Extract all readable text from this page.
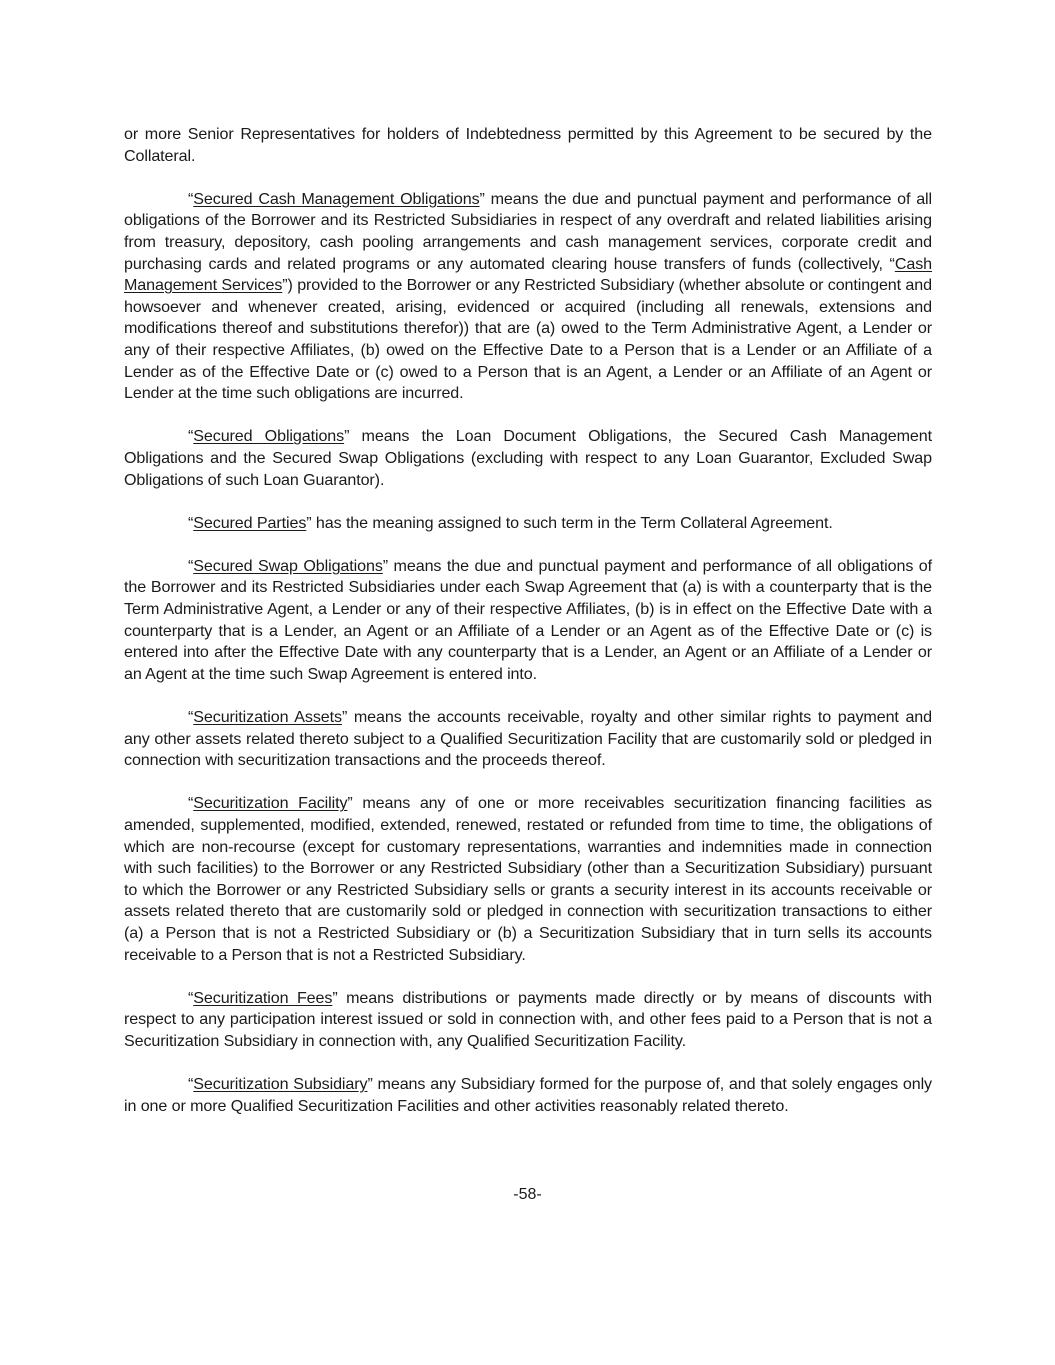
or more Senior Representatives for holders of Indebtedness permitted by this Agreement to be secured by the Collateral.

“Secured Cash Management Obligations” means the due and punctual payment and performance of all obligations of the Borrower and its Restricted Subsidiaries in respect of any overdraft and related liabilities arising from treasury, depository, cash pooling arrangements and cash management services, corporate credit and purchasing cards and related programs or any automated clearing house transfers of funds (collectively, “Cash Management Services”) provided to the Borrower or any Restricted Subsidiary (whether absolute or contingent and howsoever and whenever created, arising, evidenced or acquired (including all renewals, extensions and modifications thereof and substitutions therefor)) that are (a) owed to the Term Administrative Agent, a Lender or any of their respective Affiliates, (b) owed on the Effective Date to a Person that is a Lender or an Affiliate of a Lender as of the Effective Date or (c) owed to a Person that is an Agent, a Lender or an Affiliate of an Agent or Lender at the time such obligations are incurred.

“Secured Obligations” means the Loan Document Obligations, the Secured Cash Management Obligations and the Secured Swap Obligations (excluding with respect to any Loan Guarantor, Excluded Swap Obligations of such Loan Guarantor).

“Secured Parties” has the meaning assigned to such term in the Term Collateral Agreement.

“Secured Swap Obligations” means the due and punctual payment and performance of all obligations of the Borrower and its Restricted Subsidiaries under each Swap Agreement that (a) is with a counterparty that is the Term Administrative Agent, a Lender or any of their respective Affiliates, (b) is in effect on the Effective Date with a counterparty that is a Lender, an Agent or an Affiliate of a Lender or an Agent as of the Effective Date or (c) is entered into after the Effective Date with any counterparty that is a Lender, an Agent or an Affiliate of a Lender or an Agent at the time such Swap Agreement is entered into.

“Securitization Assets” means the accounts receivable, royalty and other similar rights to payment and any other assets related thereto subject to a Qualified Securitization Facility that are customarily sold or pledged in connection with securitization transactions and the proceeds thereof.

“Securitization Facility” means any of one or more receivables securitization financing facilities as amended, supplemented, modified, extended, renewed, restated or refunded from time to time, the obligations of which are non-recourse (except for customary representations, warranties and indemnities made in connection with such facilities) to the Borrower or any Restricted Subsidiary (other than a Securitization Subsidiary) pursuant to which the Borrower or any Restricted Subsidiary sells or grants a security interest in its accounts receivable or assets related thereto that are customarily sold or pledged in connection with securitization transactions to either (a) a Person that is not a Restricted Subsidiary or (b) a Securitization Subsidiary that in turn sells its accounts receivable to a Person that is not a Restricted Subsidiary.

“Securitization Fees” means distributions or payments made directly or by means of discounts with respect to any participation interest issued or sold in connection with, and other fees paid to a Person that is not a Securitization Subsidiary in connection with, any Qualified Securitization Facility.

“Securitization Subsidiary” means any Subsidiary formed for the purpose of, and that solely engages only in one or more Qualified Securitization Facilities and other activities reasonably related thereto.

-58-
